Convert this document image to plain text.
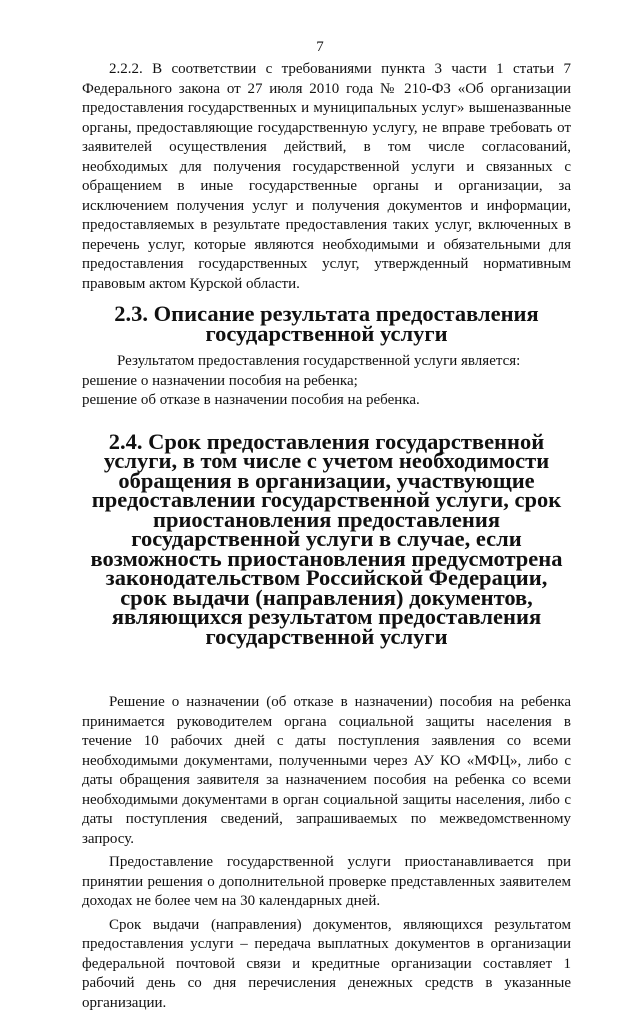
7

2.2.2. В соответствии с требованиями пункта 3 части 1 статьи 7 Федерального закона от 27 июля 2010 года № 210-ФЗ «Об организации предоставления государственных и муниципальных услуг» вышеназванные органы, предоставляющие государственную услугу, не вправе требовать от заявителей осуществления действий, в том числе согласований, необходимых для получения государственной услуги и связанных с обращением в иные государственные органы и организации, за исключением получения услуг и получения документов и информации, предоставляемых в результате предоставления таких услуг, включенных в перечень услуг, которые являются необходимыми и обязательными для предоставления государственных услуг, утвержденный нормативным правовым актом Курской области.

2.3. Описание результата предоставления государственной услуги

Результатом предоставления государственной услуги является:

решение о назначении пособия на ребенка;

решение об отказе в назначении пособия на ребенка.

2.4. Срок предоставления государственной услуги, в том числе с учетом необходимости обращения в организации, участвующие предоставлении государственной услуги, срок приостановления предоставления государственной услуги в случае, если возможность приостановления предусмотрена законодательством Российской Федерации, срок выдачи (направления) документов, являющихся результатом предоставления государственной услуги

Решение о назначении (об отказе в назначении) пособия на ребенка принимается руководителем органа социальной защиты населения в течение 10 рабочих дней с даты поступления заявления со всеми необходимыми документами, полученными через АУ КО «МФЦ», либо с даты обращения заявителя за назначением пособия на ребенка со всеми необходимыми документами в орган социальной защиты населения, либо с даты поступления сведений, запрашиваемых по межведомственному запросу.

Предоставление государственной услуги приостанавливается при принятии решения о дополнительной проверке представленных заявителем доходах не более чем на 30 календарных дней.

Срок выдачи (направления) документов, являющихся результатом предоставления услуги – передача выплатных документов в организации федеральной почтовой связи и кредитные организации составляет 1 рабочий день со дня перечисления денежных средств в указанные организации.
